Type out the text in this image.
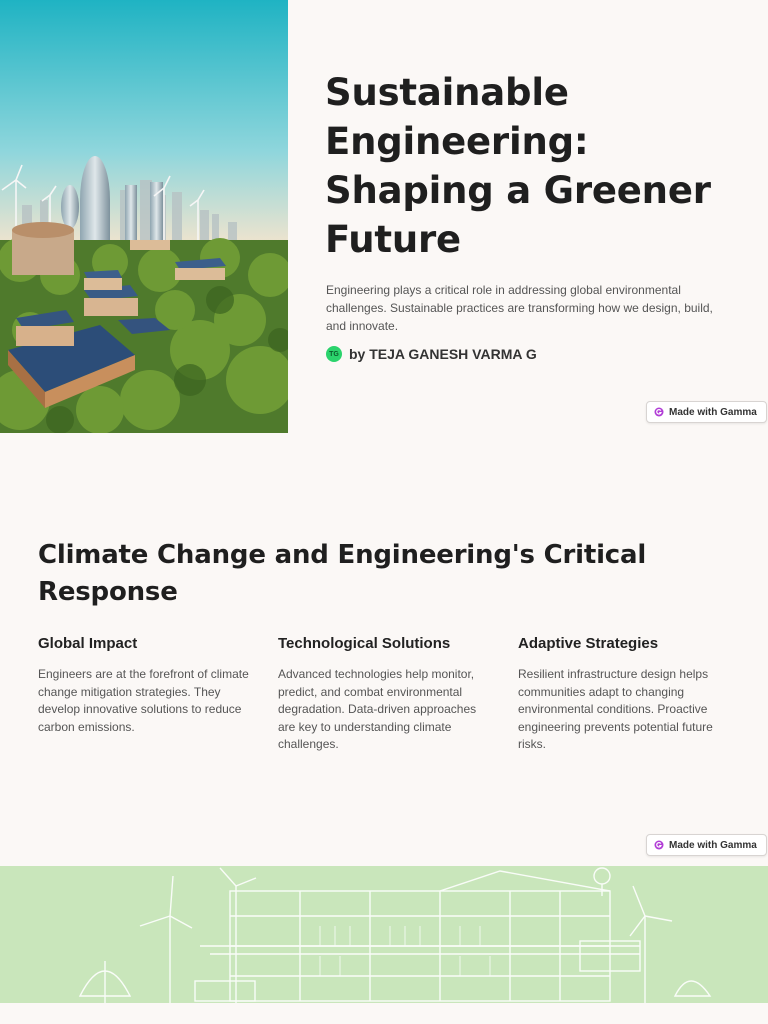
Sustainable Engineering: Shaping a Greener Future

Engineering plays a critical role in addressing global environmental challenges. Sustainable practices are transforming how we design, build, and innovate.

TG by TEJA GANESH VARMA G
Made with Gamma
Climate Change and Engineering's Critical Response
Global Impact

Engineers are at the forefront of climate change mitigation strategies. They develop innovative solutions to reduce carbon emissions.

Technological Solutions

Advanced technologies help monitor, predict, and combat environmental degradation. Data-driven approaches are key to understanding climate challenges.

Adaptive Strategies

Resilient infrastructure design helps communities adapt to changing environmental conditions. Proactive engineering prevents potential future risks.

Made with Gamma
